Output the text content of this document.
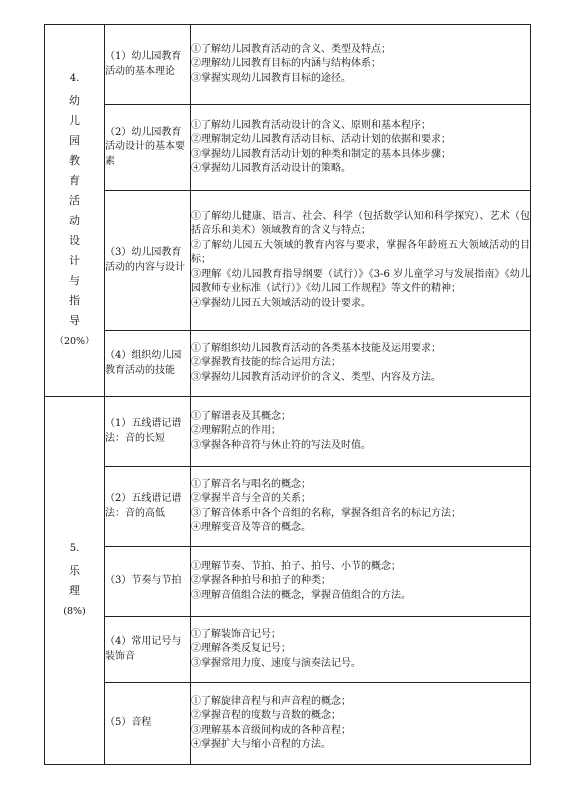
4.
幼儿园教育活动设计与指导
（20%）	（1）幼儿园教育活动的基本理论	①了解幼儿园教育活动的含义、类型及特点；
②理解幼儿园教育目标的内涵与结构体系；
③掌握实现幼儿园教育目标的途径。

	（2）幼儿园教育活动设计的基本要素	①了解幼儿园教育活动设计的含义、原则和基本程序；
②理解制定幼儿园教育活动目标、活动计划的依据和要求；
③掌握幼儿园教育活动计划的种类和制定的基本具体步骤；
④掌握幼儿园教育活动设计的策略。

	（3）幼儿园教育活动的内容与设计	①了解幼儿健康、语言、社会、科学（包括数学认知和科学探究）、艺术（包括音乐和美术）领域教育的含义与特点；
②了解幼儿园五大领域的教育内容与要求，掌握各年龄班五大领域活动的目标；
③理解《幼儿园教育指导纲要（试行）》《3-6 岁儿童学习与发展指南》《幼儿园教师专业标准（试行）》《幼儿园工作规程》等文件的精神；
④掌握幼儿园五大领域活动的设计要求。

	（4）组织幼儿园教育活动的技能	①了解组织幼儿园教育活动的各类基本技能及运用要求；
②掌握教育技能的综合运用方法；
③掌握幼儿园教育活动评价的含义、类型、内容及方法。

5.
乐理
(8%)	（1）五线谱记谱法：音的长短	①了解谱表及其概念；
②理解附点的作用；
③掌握各种音符与休止符的写法及时值。

	（2）五线谱记谱法：音的高低	①了解音名与唱名的概念；
②掌握半音与全音的关系；
③了解音体系中各个音组的名称，掌握各组音名的标记方法；
④理解变音及等音的概念。

	（3）节奏与节拍	①理解节奏、节拍、拍子、拍号、小节的概念；
②掌握各种拍号和拍子的种类；
③理解音值组合法的概念，掌握音值组合的方法。

	（4）常用记号与装饰音	①了解装饰音记号；
②理解各类反复记号；
③掌握常用力度、速度与演奏法记号。

	（5）音程	①了解旋律音程与和声音程的概念；
②掌握音程的度数与音数的概念；
③理解基本音级间构成的各种音程；
④掌握扩大与缩小音程的方法。
